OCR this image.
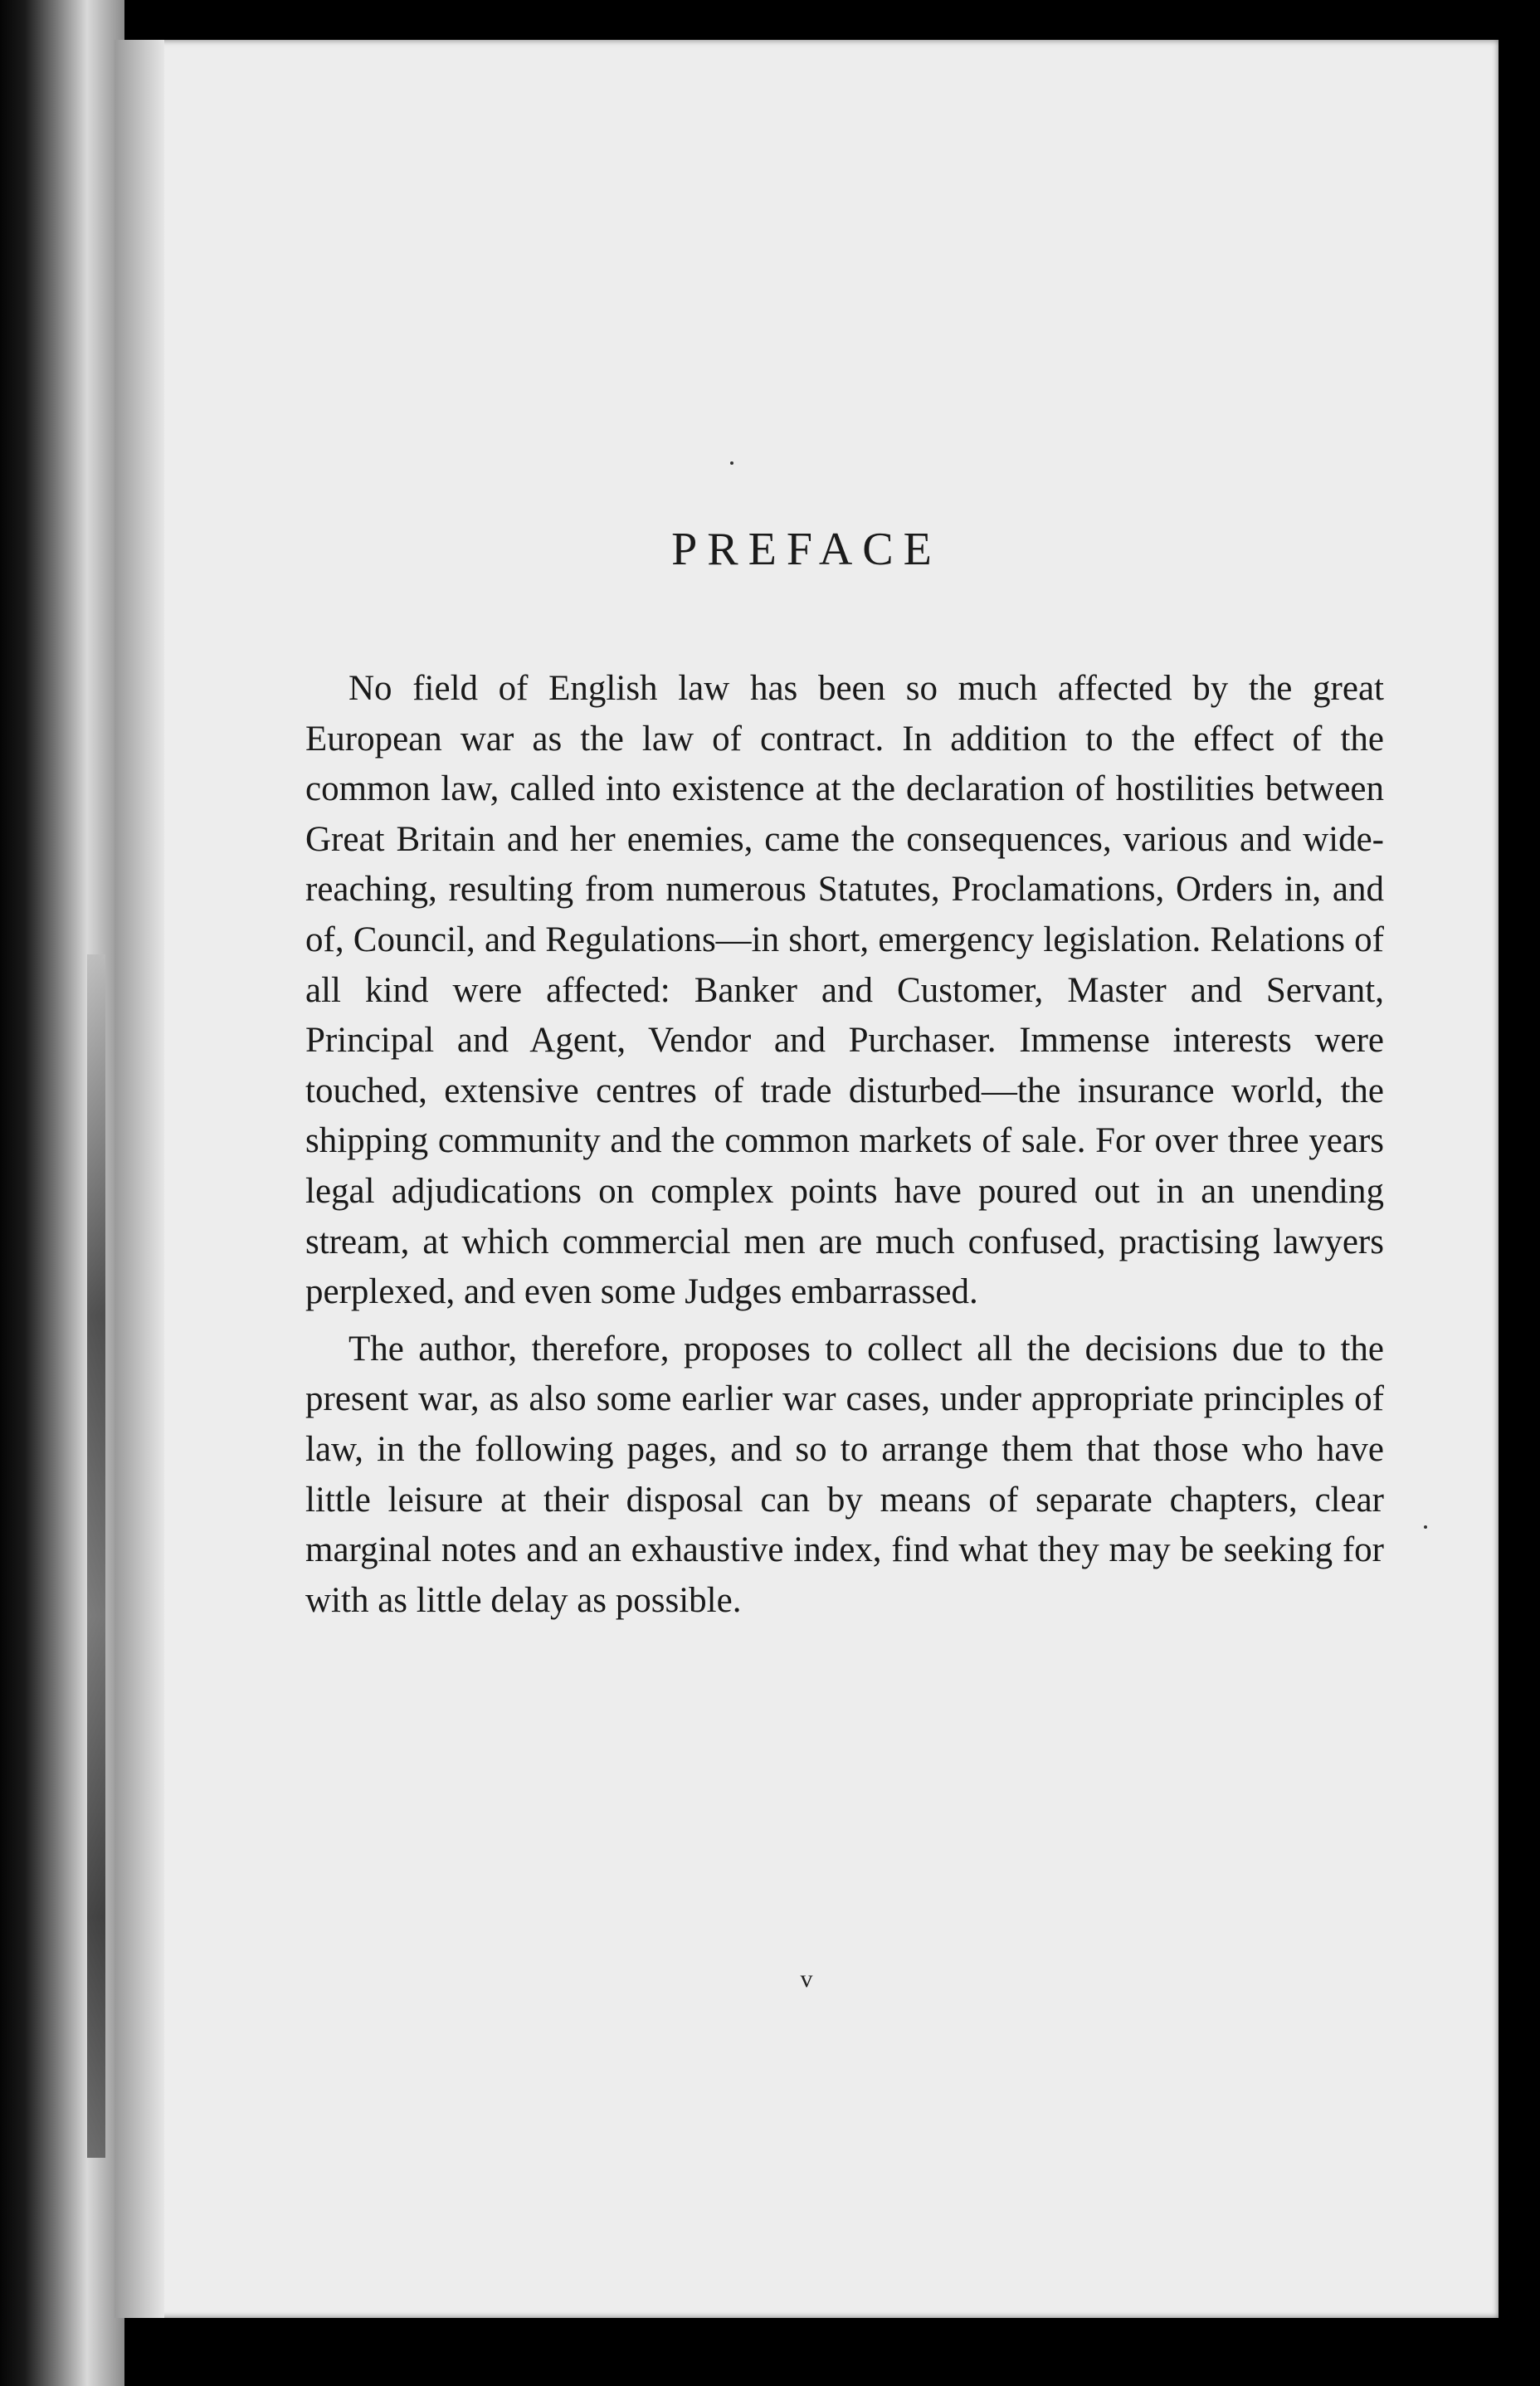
PREFACE

No field of English law has been so much affected by the great European war as the law of contract. In addition to the effect of the common law, called into existence at the declaration of hostilities between Great Britain and her enemies, came the consequences, various and wide-reaching, resulting from numerous Statutes, Proclamations, Orders in, and of, Council, and Regulations—in short, emergency legislation. Relations of all kind were affected: Banker and Customer, Master and Servant, Principal and Agent, Vendor and Purchaser. Immense interests were touched, extensive centres of trade disturbed—the insurance world, the shipping community and the common markets of sale. For over three years legal adjudications on complex points have poured out in an unending stream, at which commercial men are much confused, practising lawyers perplexed, and even some Judges embarrassed.

The author, therefore, proposes to collect all the decisions due to the present war, as also some earlier war cases, under appropriate principles of law, in the following pages, and so to arrange them that those who have little leisure at their disposal can by means of separate chapters, clear marginal notes and an exhaustive index, find what they may be seeking for with as little delay as possible.

v
